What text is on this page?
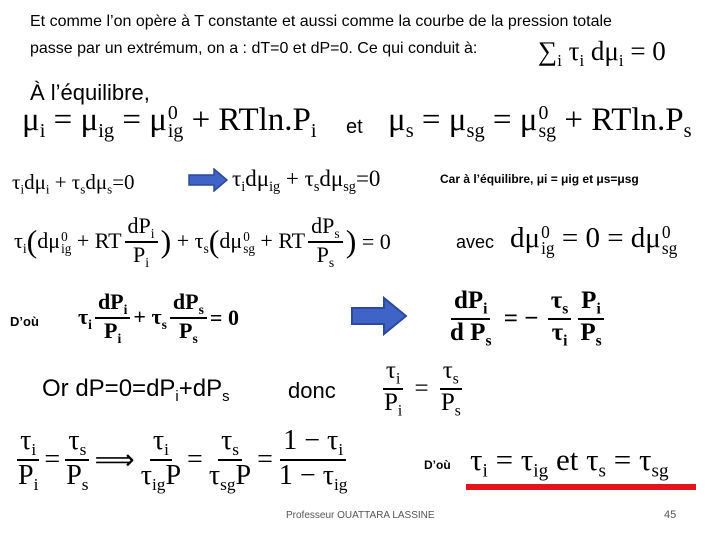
Et comme l’on opère à T constante et aussi comme la courbe de la pression totale
passe par un extrémum, on a : dT=0 et dP=0. Ce qui conduit à: $\sum_i$ $\tau_i$ $d\mu_i = 0$
À l’équilibre,
$\mu_i = \mu_{ig} = \mu$ 0
ig + $RTln.P_i$ et $\mu_s = \mu_{sg} = \mu$ 0
sg + $RTln.P_s$
$\tau_id\mu_i + \tau_sd\mu_s=0$	$\tau_id\mu_{ig} + \tau_sd\mu_{sg}=0$	Car à l’équilibre, μi = μig et μs=μsg
$\tau_i$ ( dμ 0
ig + RT $\frac{dP_i}{P_i}$ ) + $\tau_s$ ( dμ 0
sg + RT $\frac{dP_s}{P_s}$ ) = 0	avec dμ 0
ig = 0 = dμ 0
sg
D’où $\tau_i \frac{dP_i}{P_i} + \tau_s \frac{dP_s}{P_s} = 0$	$\frac{dP_i}{d P_s}$ = − $\frac{\tau_s}{\tau_i} \frac{P_i}{P_s}$
Or $dP=0=dP_i+dP_s$	donc $\frac{\tau_i}{P_i} = \frac{\tau_s}{P_s}$
$\frac{\tau_i}{P_i} = \frac{\tau_s}{P_s}$ ⟹ $\frac{\tau_i}{\tau_{ig}P} = \frac{\tau_s}{\tau_{sg}P} = \frac{1 - \tau_i}{1 - \tau_{ig}}$	D’où $\tau_i = \tau_{ig}$ et $\tau_s = \tau_{sg}$
Professeur OUATTARA LASSINE	45
